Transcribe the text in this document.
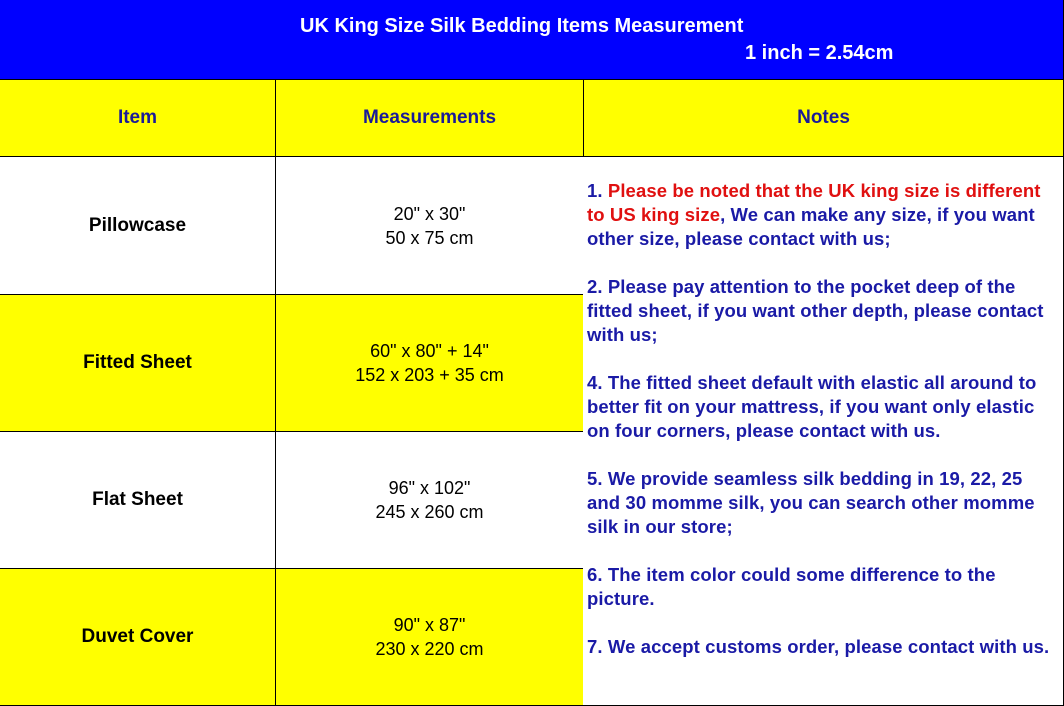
UK King Size Silk Bedding Items Measurement
1 inch = 2.54cm
Item	Measurements	Notes
Pillowcase
20" x 30"
50 x 75 cm
Fitted Sheet
60" x 80" + 14"
152 x 203 + 35 cm
Flat Sheet
96" x 102"
245 x 260 cm
Duvet Cover
90" x 87"
230 x 220 cm

1. Please be noted that the UK king size is different to US king size, We can make any size, if you want other size, please contact with us;

2. Please pay attention to the pocket deep of the fitted sheet, if you want other depth, please contact with us;

4. The fitted sheet default with elastic all around to better fit on your mattress, if you want only elastic on four corners, please contact with us.

5. We provide seamless silk bedding in 19, 22, 25 and 30 momme silk, you can search other momme silk in our store;

6. The item color could some difference to the picture.

7. We accept customs order, please contact with us.
